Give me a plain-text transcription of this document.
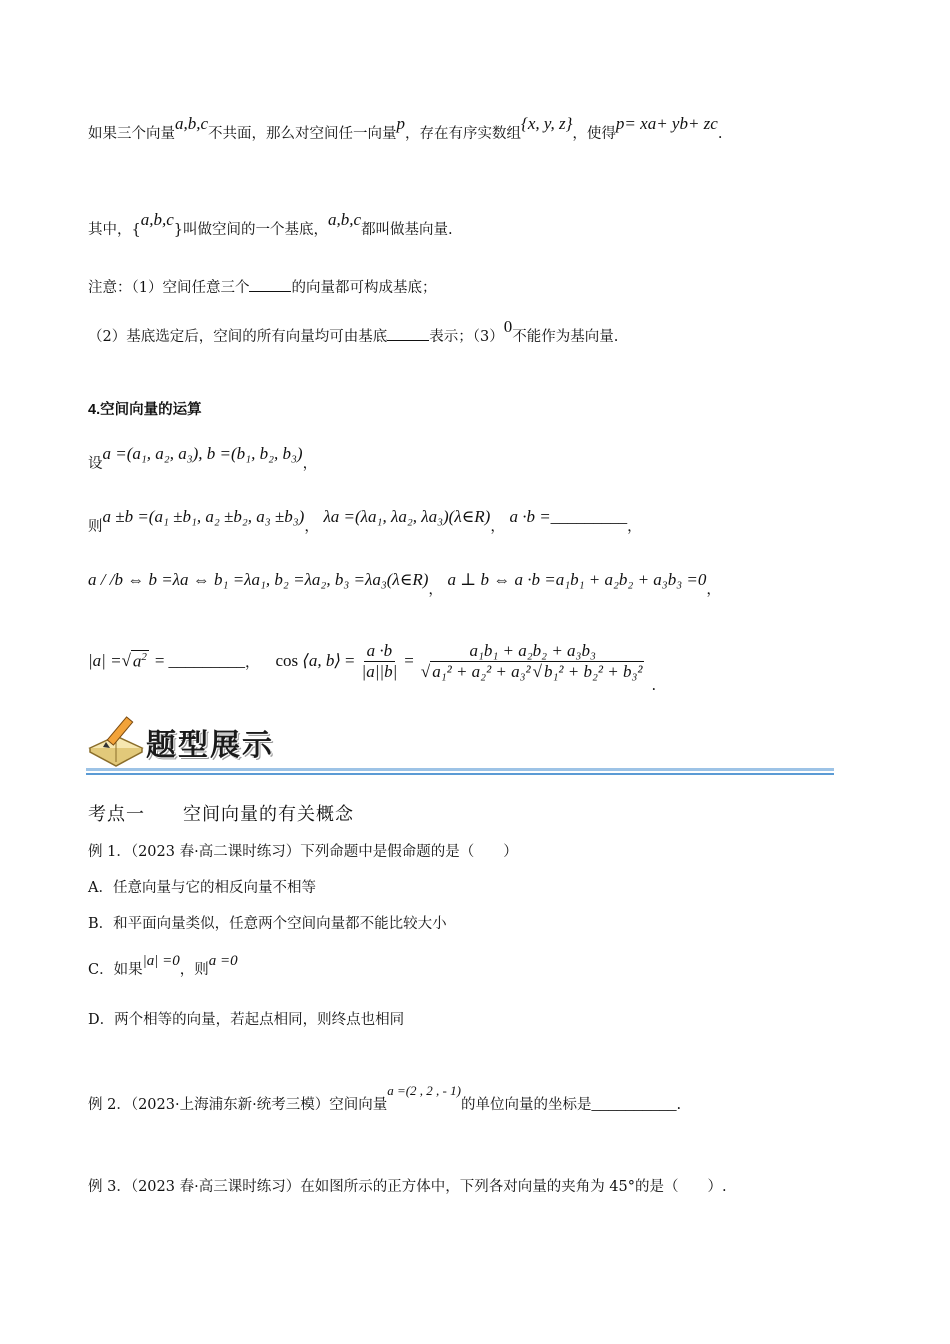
如果三个向量a,b,c不共面，那么对空间任一向量p，存在有序实数组{x, y, z}，使得p= xa+ yb+ zc.
其中，{a,b,c}叫做空间的一个基底，a,b,c都叫做基向量.
注意：（1）空间任意三个	的向量都可构成基底；
（2）基底选定后，空间的所有向量均可由基底	表示；（3）0不能作为基向量.
4.空间向量的运算
设a =(a₁, a₂, a₃), b =(b₁, b₂, b₃)，
则a ±b =(a₁ ±b₁, a₂ ±b₂, a₃ ±b₃)， λa =(λa₁, λa₂, λa₃)(λ∈R)， a ·b =_________，
a / /b ⇔ b =λa ⇔ b₁ =λa₁, b₂ =λa₂, b₃ =λa₃(λ∈R)， a ⊥ b ⇔ a ·b =a₁b₁ + a₂b₂ + a₃b₃ =0，
|a| = √ $a^2$ = _________ ， cos ⟨a, b⟩ = $\frac{a \cdot b}{|a||b|} = \frac{\text{a₁b₁ + a₂b₂ + a₃b₃}}{\text{√ a₁² + a₂² + a₃² √ b₁² + b₂² + b₃²}}$
.
题型展示
考点一　　空间向量的有关概念
例 1．（2023 春·高二课时练习）下列命题中是假命题的是（　　）
A．任意向量与它的相反向量不相等
B．和平面向量类似，任意两个空间向量都不能比较大小
C．如果|a| =0，则a =0
D．两个相等的向量，若起点相同，则终点也相同
例 2．（2023·上海浦东新·统考三模）空间向量a =(2 , 2 , - 1)的单位向量的坐标是__________.
例 3．（2023 春·高三课时练习）在如图所示的正方体中，下列各对向量的夹角为 45°的是（　　）.
